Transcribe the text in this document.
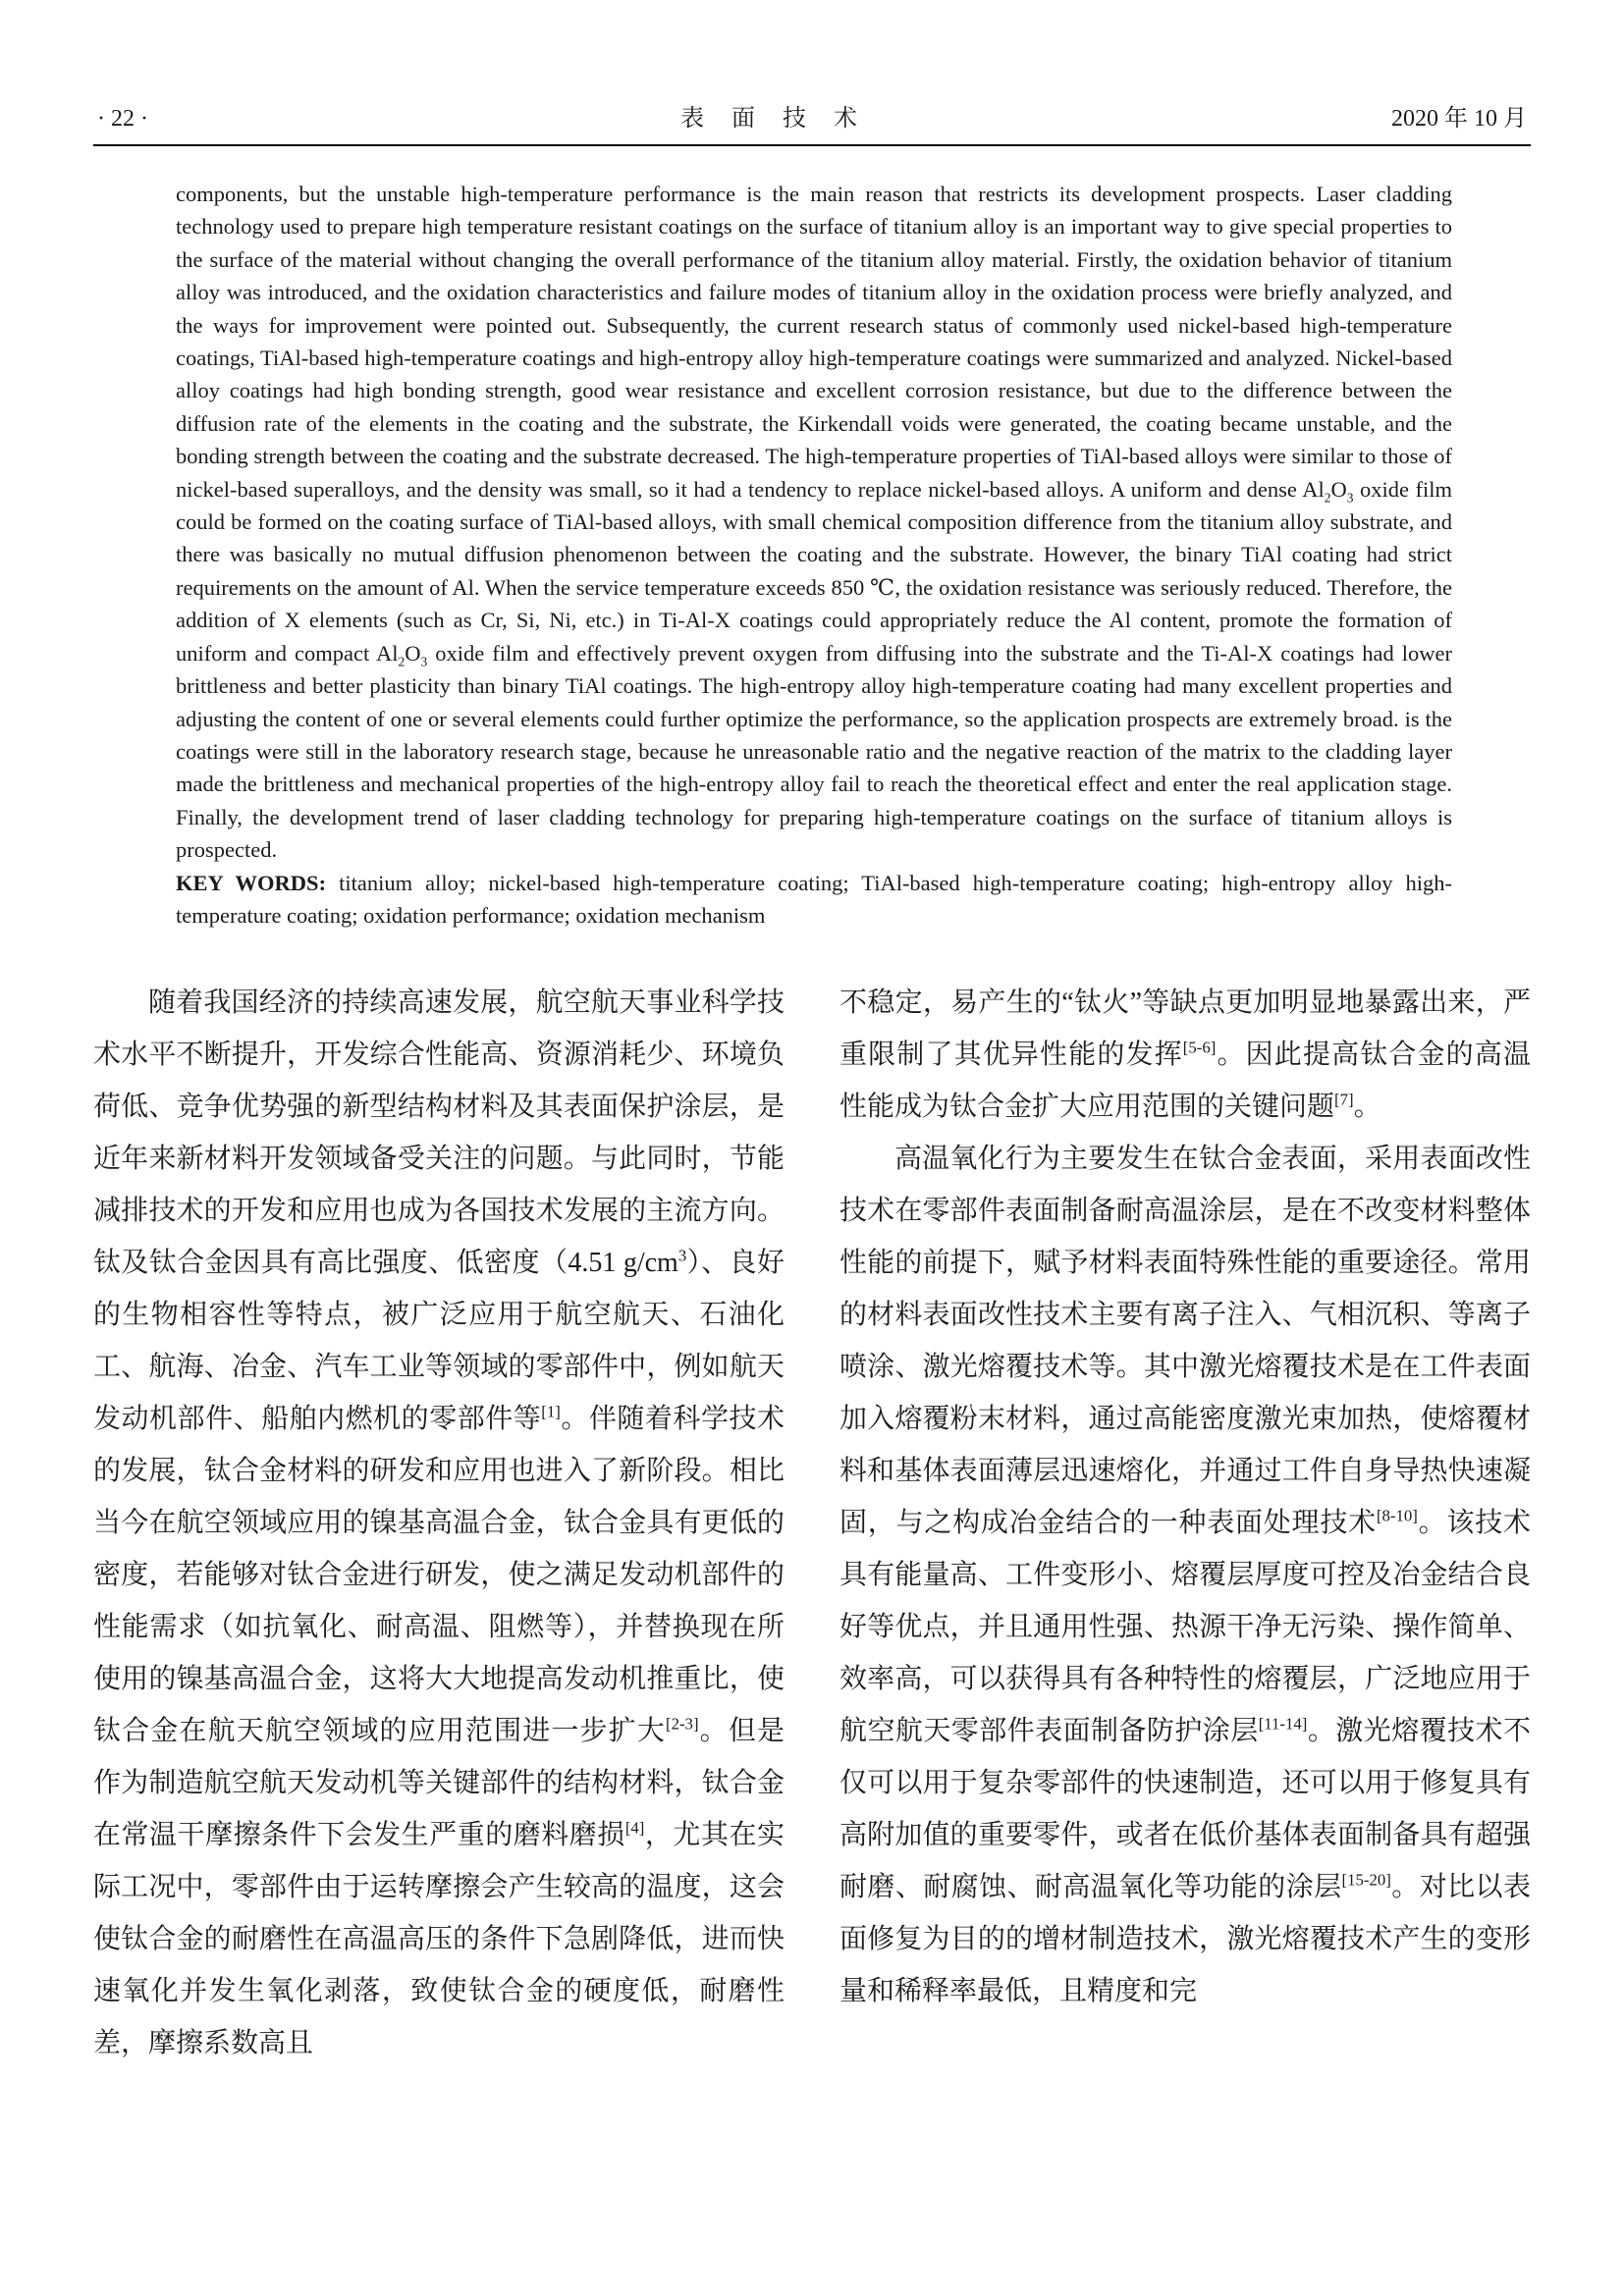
· 22 ·	表　面　技　术	2020 年 10 月

components, but the unstable high-temperature performance is the main reason that restricts its development prospects. Laser cladding technology used to prepare high temperature resistant coatings on the surface of titanium alloy is an important way to give special properties to the surface of the material without changing the overall performance of the titanium alloy material. Firstly, the oxidation behavior of titanium alloy was introduced, and the oxidation characteristics and failure modes of titanium alloy in the oxidation process were briefly analyzed, and the ways for improvement were pointed out. Subsequently, the current research status of commonly used nickel-based high-temperature coatings, TiAl-based high-temperature coatings and high-entropy alloy high-temperature coatings were summarized and analyzed. Nickel-based alloy coatings had high bonding strength, good wear resistance and excellent corrosion resistance, but due to the difference between the diffusion rate of the elements in the coating and the substrate, the Kirkendall voids were generated, the coating became unstable, and the bonding strength between the coating and the substrate decreased. The high-temperature properties of TiAl-based alloys were similar to those of nickel-based superalloys, and the density was small, so it had a tendency to replace nickel-based alloys. A uniform and dense $Al_2O_3$ oxide film could be formed on the coating surface of TiAl-based alloys, with small chemical composition difference from the titanium alloy substrate, and there was basically no mutual diffusion phenomenon between the coating and the substrate. However, the binary TiAl coating had strict requirements on the amount of Al. When the service temperature exceeds 850 ℃, the oxidation resistance was seriously reduced. Therefore, the addition of X elements (such as Cr, Si, Ni, etc.) in Ti-Al-X coatings could appropriately reduce the Al content, promote the formation of uniform and compact $Al_2O_3$ oxide film and effectively prevent oxygen from diffusing into the substrate and the Ti-Al-X coatings had lower brittleness and better plasticity than binary TiAl coatings. The high-entropy alloy high-temperature coating had many excellent properties and adjusting the content of one or several elements could further optimize the performance, so the application prospects are extremely broad. is the coatings were still in the laboratory research stage, because he unreasonable ratio and the negative reaction of the matrix to the cladding layer made the brittleness and mechanical properties of the high-entropy alloy fail to reach the theoretical effect and enter the real application stage. Finally, the development trend of laser cladding technology for preparing high-temperature coatings on the surface of titanium alloys is prospected.

KEY WORDS: titanium alloy; nickel-based high-temperature coating; TiAl-based high-temperature coating; high-entropy alloy high-temperature coating; oxidation performance; oxidation mechanism

随着我国经济的持续高速发展，航空航天事业科学技术水平不断提升，开发综合性能高、资源消耗少、环境负荷低、竞争优势强的新型结构材料及其表面保护涂层，是近年来新材料开发领域备受关注的问题。与此同时，节能减排技术的开发和应用也成为各国技术发展的主流方向。钛及钛合金因具有高比强度、低密度（4.51 $g/cm^3$）、良好的生物相容性等特点，被广泛应用于航空航天、石油化工、航海、冶金、汽车工业等领域的零部件中，例如航天发动机部件、船舶内燃机的零部件等[1]。伴随着科学技术的发展，钛合金材料的研发和应用也进入了新阶段。相比当今在航空领域应用的镍基高温合金，钛合金具有更低的密度，若能够对钛合金进行研发，使之满足发动机部件的性能需求（如抗氧化、耐高温、阻燃等），并替换现在所使用的镍基高温合金，这将大大地提高发动机推重比，使钛合金在航天航空领域的应用范围进一步扩大[2-3]。但是作为制造航空航天发动机等关键部件的结构材料，钛合金在常温干摩擦条件下会发生严重的磨料磨损[4]，尤其在实际工况中，零部件由于运转摩擦会产生较高的温度，这会使钛合金的耐磨性在高温高压的条件下急剧降低，进而快速氧化并发生氧化剥落，致使钛合金的硬度低，耐磨性差，摩擦系数高且

不稳定，易产生的“钛火”等缺点更加明显地暴露出来，严重限制了其优异性能的发挥[5-6]。因此提高钛合金的高温性能成为钛合金扩大应用范围的关键问题[7]。

高温氧化行为主要发生在钛合金表面，采用表面改性技术在零部件表面制备耐高温涂层，是在不改变材料整体性能的前提下，赋予材料表面特殊性能的重要途径。常用的材料表面改性技术主要有离子注入、气相沉积、等离子喷涂、激光熔覆技术等。其中激光熔覆技术是在工件表面加入熔覆粉末材料，通过高能密度激光束加热，使熔覆材料和基体表面薄层迅速熔化，并通过工件自身导热快速凝固，与之构成冶金结合的一种表面处理技术[8-10]。该技术具有能量高、工件变形小、熔覆层厚度可控及冶金结合良好等优点，并且通用性强、热源干净无污染、操作简单、效率高，可以获得具有各种特性的熔覆层，广泛地应用于航空航天零部件表面制备防护涂层[11-14]。激光熔覆技术不仅可以用于复杂零部件的快速制造，还可以用于修复具有高附加值的重要零件，或者在低价基体表面制备具有超强耐磨、耐腐蚀、耐高温氧化等功能的涂层[15-20]。对比以表面修复为目的的增材制造技术，激光熔覆技术产生的变形量和稀释率最低，且精度和完
